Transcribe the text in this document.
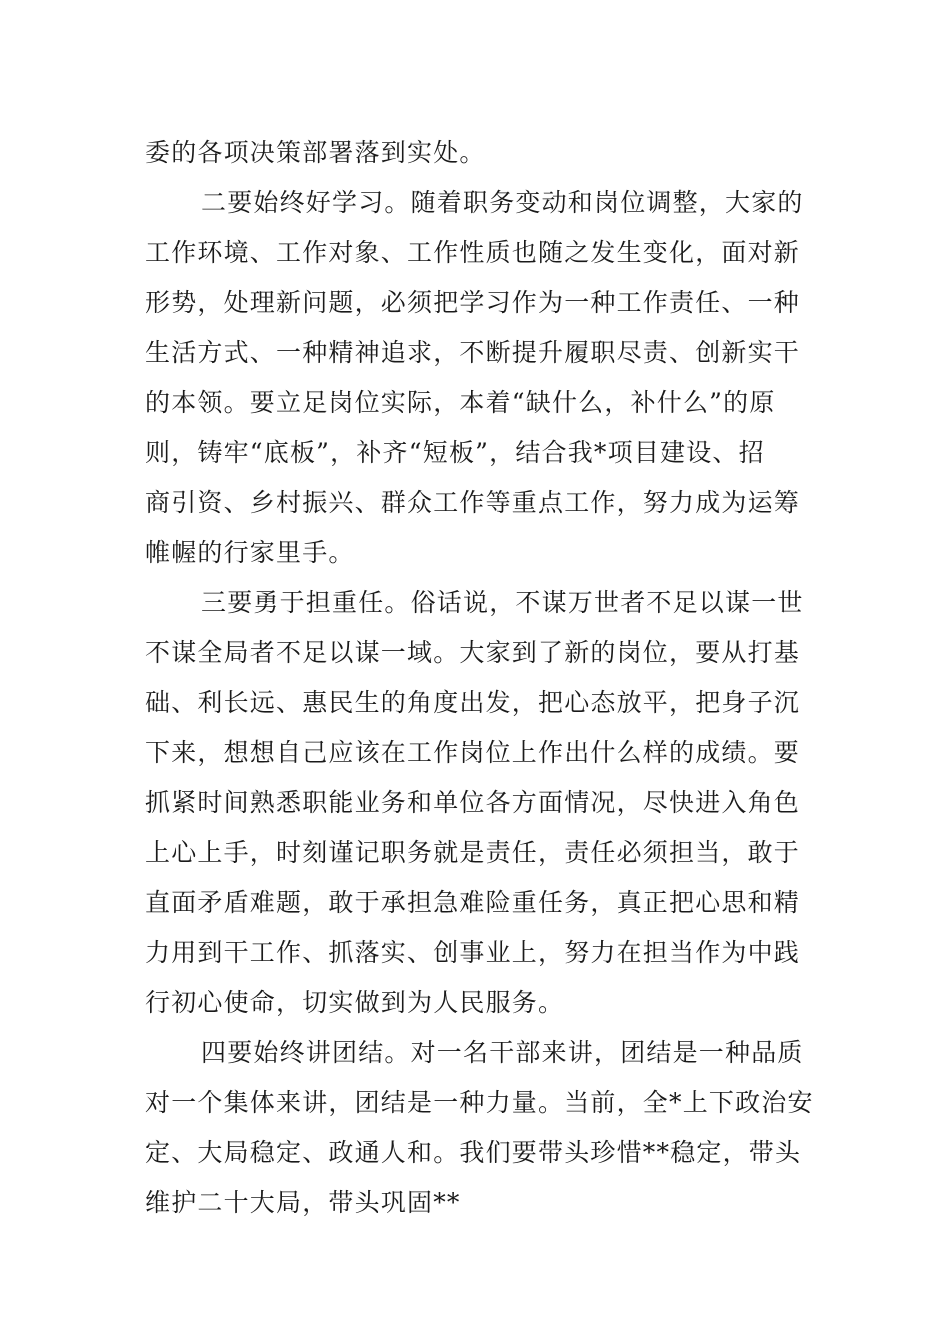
委的各项决策部署落到实处。
二要始终好学习。随着职务变动和岗位调整，大家的
工作环境、工作对象、工作性质也随之发生变化，面对新
形势，处理新问题，必须把学习作为一种工作责任、一种
生活方式、一种精神追求，不断提升履职尽责、创新实干
的本领。要立足岗位实际，本着“缺什么，补什么”的原
则，铸牢“底板”，补齐“短板”，结合我*项目建设、招
商引资、乡村振兴、群众工作等重点工作，努力成为运筹
帷幄的行家里手。
三要勇于担重任。俗话说，不谋万世者不足以谋一世
不谋全局者不足以谋一域。大家到了新的岗位，要从打基
础、利长远、惠民生的角度出发，把心态放平，把身子沉
下来，想想自己应该在工作岗位上作出什么样的成绩。要
抓紧时间熟悉职能业务和单位各方面情况，尽快进入角色
上心上手，时刻谨记职务就是责任，责任必须担当，敢于
直面矛盾难题，敢于承担急难险重任务，真正把心思和精
力用到干工作、抓落实、创事业上，努力在担当作为中践
行初心使命，切实做到为人民服务。
四要始终讲团结。对一名干部来讲，团结是一种品质
对一个集体来讲，团结是一种力量。当前，全*上下政治安
定、大局稳定、政通人和。我们要带头珍惜**稳定，带头
维护二十大局，带头巩固**
